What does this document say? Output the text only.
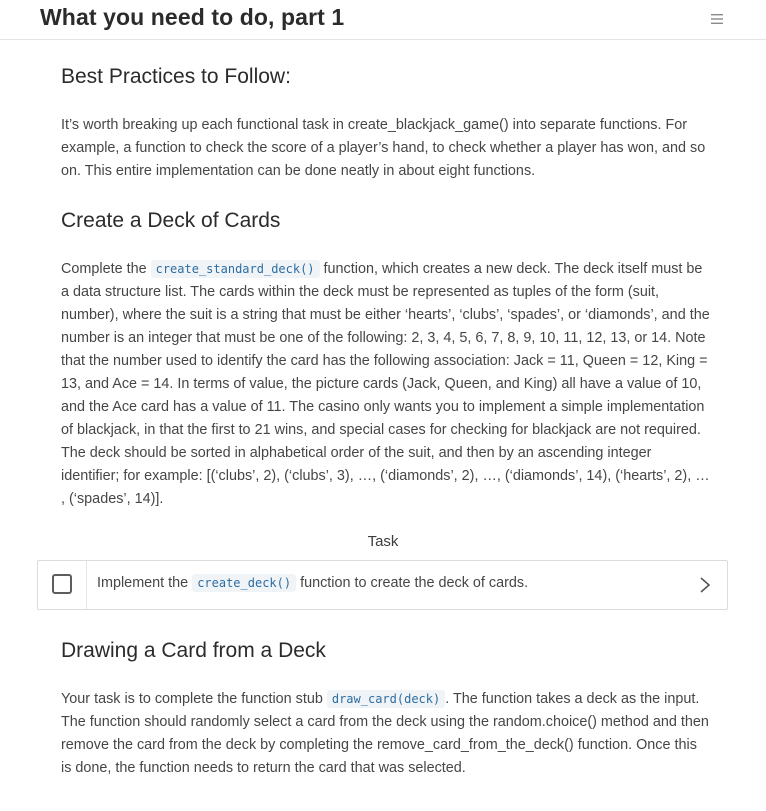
What you need to do, part 1
Best Practices to Follow:

It’s worth breaking up each functional task in create_blackjack_game() into separate functions. For example, a function to check the score of a player’s hand, to check whether a player has won, and so on. This entire implementation can be done neatly in about eight functions.

Create a Deck of Cards

Complete the create_standard_deck() function, which creates a new deck. The deck itself must be a data structure list. The cards within the deck must be represented as tuples of the form (suit, number), where the suit is a string that must be either ‘hearts’, ‘clubs’, ‘spades’, or ‘diamonds’, and the number is an integer that must be one of the following: 2, 3, 4, 5, 6, 7, 8, 9, 10, 11, 12, 13, or 14. Note that the number used to identify the card has the following association: Jack = 11, Queen = 12, King = 13, and Ace = 14. In terms of value, the picture cards (Jack, Queen, and King) all have a value of 10, and the Ace card has a value of 11. The casino only wants you to implement a simple implementation of blackjack, in that the first to 21 wins, and special cases for checking for blackjack are not required. The deck should be sorted in alphabetical order of the suit, and then by an ascending integer identifier; for example: [(‘clubs’, 2), (‘clubs’, 3), …, (‘diamonds’, 2), …, (‘diamonds’, 14), (‘hearts’, 2), … , (‘spades’, 14)].

Drawing a Card from a Deck

Your task is to complete the function stub draw_card(deck) . The function takes a deck as the input. The function should randomly select a card from the deck using the random.choice() method and then remove the card from the deck by completing the remove_card_from_the_deck() function. Once this is done, the function needs to return the card that was selected.

Task
Implement the create_deck() function to create the deck of cards.
